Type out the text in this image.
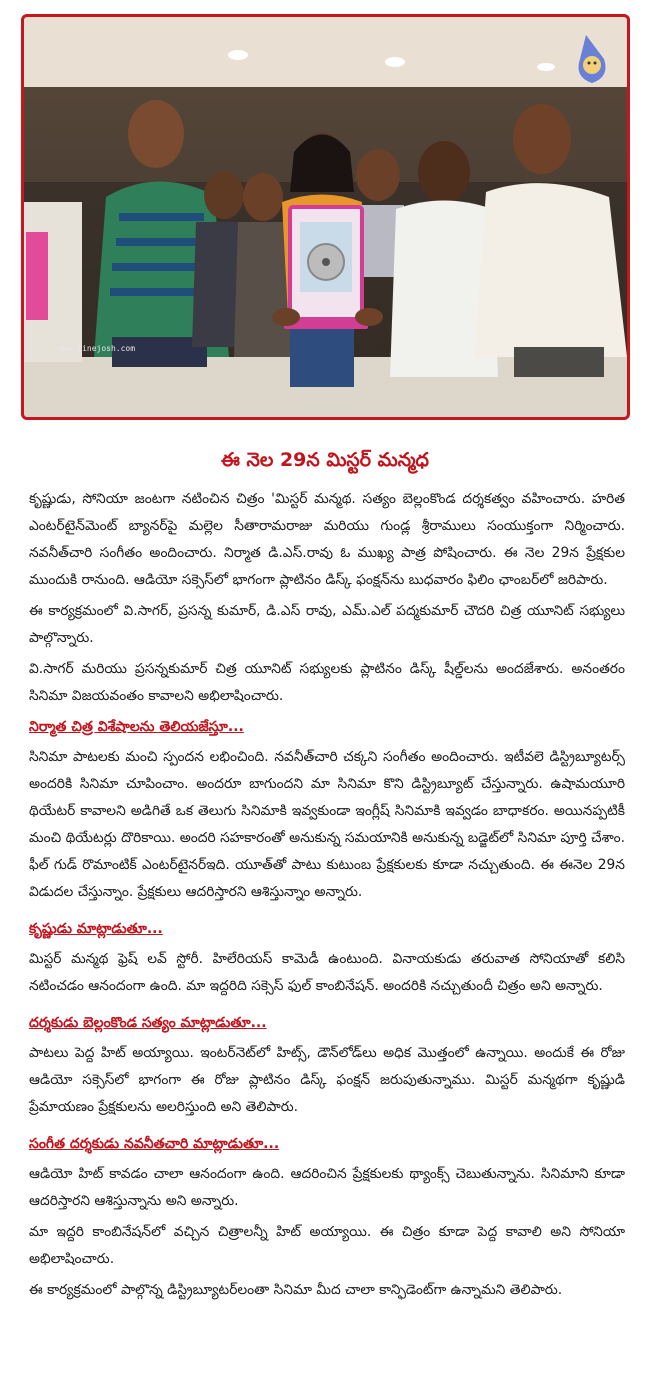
www.cinejosh.com
ఈ నెల 29న మిస్టర్ మన్మధ

కృష్ణుడు, సోనియా జంటగా నటించిన చిత్రం 'మిస్టర్ మన్మథ. సత్యం బెల్లంకొండ దర్శకత్వం వహించారు. హరిత ఎంటర్‌టైన్‌మెంట్ బ్యానర్‌పై మల్లెల సీతారామరాజు మరియు గుండ్ల శ్రీరాములు సంయుక్తంగా నిర్మించారు. నవనీత్‌చారి సంగీతం అందించారు. నిర్మాత డి.ఎస్.రావు ఓ ముఖ్య పాత్ర పోషించారు. ఈ నెల 29న ప్రేక్షకుల ముందుకి రానుంది. ఆడియో సక్సెస్‌లో భాగంగా ప్లాటినం డిస్క్ ఫంక్షన్‌ను బుధవారం ఫిలిం ఛాంబర్‌లో జరిపారు.

ఈ కార్యక్రమంలో వి.సాగర్, ప్రసన్న కుమార్, డి.ఎస్ రావు, ఎమ్.ఎల్ పద్మకుమార్ చౌదరి చిత్ర యూనిట్ సభ్యులు పాల్గొన్నారు.

వి.సాగర్ మరియు ప్రసన్నకుమార్ చిత్ర యూనిట్ సభ్యులకు ప్లాటినం డిస్క్ షీల్డ్‌లను అందజేశారు. అనంతరం సినిమా విజయవంతం కావాలని అభిలాషించారు.

నిర్మాత చిత్ర విశేషాలను తెలియజేస్తూ...

సినిమా పాటలకు మంచి స్పందన లభించింది. నవనీత్‌చారి చక్కని సంగీతం అందించారు. ఇటీవలె డిస్ట్రిబ్యూటర్స్ అందరికి సినిమా చూపించాం. అందరూ బాగుందని మా సినిమా కొని డిస్ట్రిబ్యూట్ చేస్తున్నారు. ఉషామయూరి థియేటర్ కావాలని అడిగితే ఒక తెలుగు సినిమాకి ఇవ్వకుండా ఇంగ్లీష్ సినిమాకి ఇవ్వడం బాధాకరం. అయినప్పటికీ మంచి థియేటర్లు దొరికాయి. అందరి సహకారంతో అనుకున్న సమయానికి అనుకున్న బడ్జెట్‌లో సినిమా పూర్తి చేశాం. ఫీల్ గుడ్ రొమాంటిక్ ఎంటర్‌టైనర్‌ఇది. యూత్‌తో పాటు కుటుంబ ప్రేక్షకులకు కూడా నచ్చుతుంది. ఈ ఈనెల 29న విడుదల చేస్తున్నాం. ప్రేక్షకులు ఆదరిస్తారని ఆశిస్తున్నాం అన్నారు.

కృష్ణుడు మాట్లాడుతూ...

మిస్టర్ మన్మథ ఫ్రెష్ లవ్ స్టోరీ. హిలేరియస్ కామెడీ ఉంటుంది. వినాయకుడు తరువాత సోనియాతో కలిసి నటించడం ఆనందంగా ఉంది. మా ఇద్దరిది సక్సెస్ ఫుల్ కాంబినేషన్. అందరికి నచ్చుతుందీ చిత్రం అని అన్నారు.

దర్శకుడు బెల్లంకొండ సత్యం మాట్లాడుతూ...

పాటలు పెద్ద హిట్ అయ్యాయి. ఇంటర్‌నెట్‌లో హిట్స్, డౌన్‌లోడ్‌లు అధిక మొత్తంలో ఉన్నాయి. అందుకే ఈ రోజు ఆడియో సక్సెస్‌లో భాగంగా ఈ రోజు ప్లాటినం డిస్క్ ఫంక్షన్ జరుపుతున్నాము. మిస్టర్ మన్మథగా కృష్ణుడి ప్రేమాయణం ప్రేక్షకులను అలరిస్తుంది అని తెలిపారు.

సంగీత దర్శకుడు నవనీతచారి మాట్లాడుతూ...

ఆడియో హిట్ కావడం చాలా ఆనందంగా ఉంది. ఆదరించిన ప్రేక్షకులకు థ్యాంక్స్ చెబుతున్నాను. సినిమాని కూడా ఆదరిస్తారని ఆశిస్తున్నాను అని అన్నారు.

మా ఇద్దరి కాంబినేషన్‌లో వచ్చిన చిత్రాలన్నీ హిట్ అయ్యాయి. ఈ చిత్రం కూడా పెద్ద కావాలి అని సోనియా అభిలాషించారు.

ఈ కార్యక్రమంలో పాల్గొన్న డిస్ట్రిబ్యూటర్‌లంతా సినిమా మీద చాలా కాన్ఫిడెంట్‌గా ఉన్నామని తెలిపారు.
